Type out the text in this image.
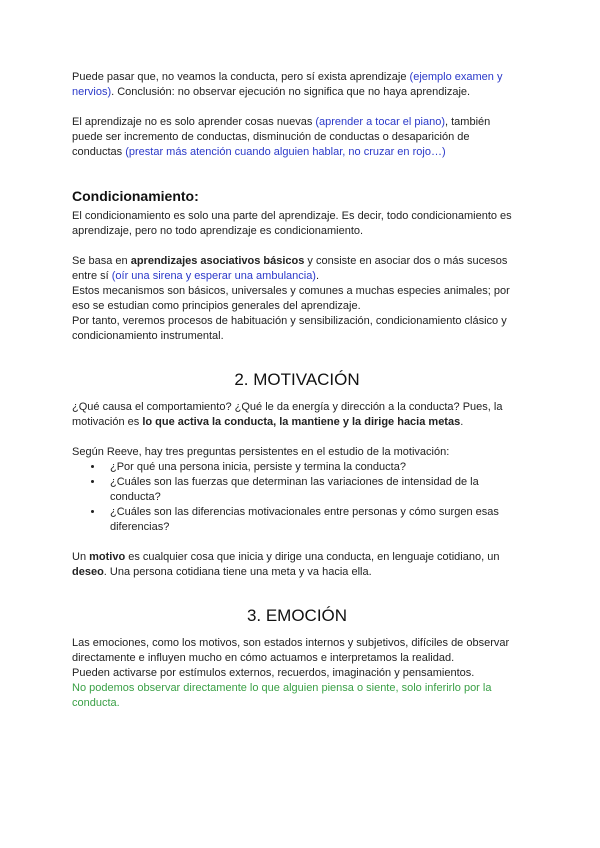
Puede pasar que, no veamos la conducta, pero sí exista aprendizaje (ejemplo examen y nervios). Conclusión: no observar ejecución no significa que no haya aprendizaje.

El aprendizaje no es solo aprender cosas nuevas (aprender a tocar el piano), también puede ser incremento de conductas, disminución de conductas o desaparición de conductas (prestar más atención cuando alguien hablar, no cruzar en rojo…)

Condicionamiento:

El condicionamiento es solo una parte del aprendizaje. Es decir, todo condicionamiento es aprendizaje, pero no todo aprendizaje es condicionamiento.

Se basa en aprendizajes asociativos básicos y consiste en asociar dos o más sucesos entre sí (oír una sirena y esperar una ambulancia).

Estos mecanismos son básicos, universales y comunes a muchas especies animales; por eso se estudian como principios generales del aprendizaje.

Por tanto, veremos procesos de habituación y sensibilización, condicionamiento clásico y condicionamiento instrumental.

2. MOTIVACIÓN

¿Qué causa el comportamiento? ¿Qué le da energía y dirección a la conducta? Pues, la motivación es lo que activa la conducta, la mantiene y la dirige hacia metas.

Según Reeve, hay tres preguntas persistentes en el estudio de la motivación:

• ¿Por qué una persona inicia, persiste y termina la conducta?
• ¿Cuáles son las fuerzas que determinan las variaciones de intensidad de la conducta?
• ¿Cuáles son las diferencias motivacionales entre personas y cómo surgen esas diferencias?

Un motivo es cualquier cosa que inicia y dirige una conducta, en lenguaje cotidiano, un deseo. Una persona cotidiana tiene una meta y va hacia ella.

3. EMOCIÓN

Las emociones, como los motivos, son estados internos y subjetivos, difíciles de observar directamente e influyen mucho en cómo actuamos e interpretamos la realidad.

Pueden activarse por estímulos externos, recuerdos, imaginación y pensamientos.

No podemos observar directamente lo que alguien piensa o siente, solo inferirlo por la conducta.
